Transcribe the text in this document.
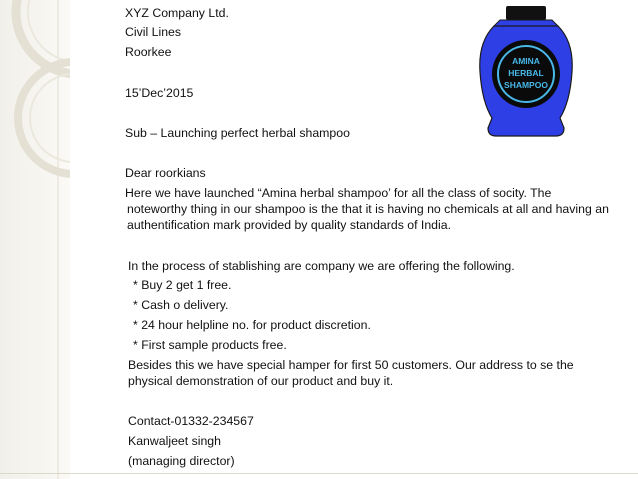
XYZ Company Ltd.
Civil Lines
Roorkee
15’Dec’2015
Sub – Launching perfect herbal shampoo
Dear roorkians
Here we have launched “Amina herbal shampoo’ for all the class of socity. The
noteworthy thing in our shampoo is the that it is having no chemicals at all and having an
authentification mark provided by quality standards of India.
In the process of stablishing are company we are offering the following.
* Buy 2 get 1 free.
* Cash o delivery.
* 24 hour helpline no. for product discretion.
* First sample products free.
Besides this we have special hamper for first 50 customers. Our address to se the
physical demonstration of our product and buy it.
Contact-01332-234567
Kanwaljeet singh
(managing director)
AMINA
HERBAL
SHAMPOO
